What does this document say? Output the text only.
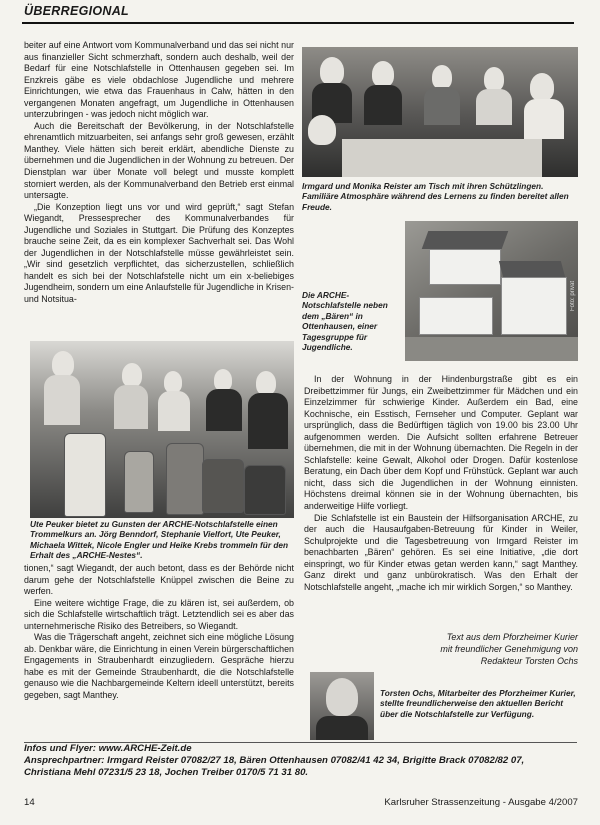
ÜBERREGIONAL

beiter auf eine Antwort vom Kommunalverband und das sei nicht nur aus finanzieller Sicht schmerzhaft, sondern auch deshalb, weil der Bedarf für eine Notschlafstelle in Ottenhausen gegeben sei. Im Enzkreis gäbe es viele obdachlose Jugendliche und mehrere Einrichtungen, wie etwa das Frauenhaus in Calw, hätten in den vergangenen Monaten angefragt, um Jugendliche in Ottenhausen unterzubringen - was jedoch nicht möglich war.

Auch die Bereitschaft der Bevölkerung, in der Notschlafstelle ehrenamtlich mitzuarbeiten, sei anfangs sehr groß gewesen, erzählt Manthey. Viele hätten sich bereit erklärt, abendliche Dienste zu übernehmen und die Jugendlichen in der Wohnung zu betreuen. Der Dienstplan war über Monate voll belegt und musste komplett storniert werden, als der Kommunalverband den Betrieb erst einmal untersagte.

„Die Konzeption liegt uns vor und wird geprüft,“ sagt Stefan Wiegandt, Pressesprecher des Kommunalverbandes für Jugendliche und Soziales in Stuttgart. Die Prüfung des Konzeptes brauche seine Zeit, da es ein komplexer Sachverhalt sei. Das Wohl der Jugendlichen in der Notschlafstelle müsse gewährleistet sein. „Wir sind gesetzlich verpflichtet, das sicherzustellen, schließlich handelt es sich bei der Notschlafstelle nicht um ein x-beliebiges Jugendheim, sondern um eine Anlaufstelle für Jugendliche in Krisen- und Notsitua-

Irmgard und Monika Reister am Tisch mit ihren Schützlingen. Familiäre Atmosphäre während des Lernens zu finden bereitet allen Freude.
Foto: privat
Die ARCHE-Notschlafstelle neben dem „Bären“ in Ottenhausen, einer Tagesgruppe für Jugendliche.
Ute Peuker bietet zu Gunsten der ARCHE-Notschlafstelle einen Trommelkurs an. Jörg Benndorf, Stephanie Vielfort, Ute Peuker, Michaela Wittek, Nicole Engler und Heike Krebs trommeln für den Erhalt des „ARCHE-Nestes“.

tionen,“ sagt Wiegandt, der auch betont, dass es der Behörde nicht darum gehe der Notschlafstelle Knüppel zwischen die Beine zu werfen.

Eine weitere wichtige Frage, die zu klären ist, sei außerdem, ob sich die Schlafstelle wirtschaftlich trägt. Letztendlich sei es aber das unternehmerische Risiko des Betreibers, so Wiegandt.

Was die Trägerschaft angeht, zeichnet sich eine mögliche Lösung ab. Denkbar wäre, die Einrichtung in einen Verein bürgerschaftlichen Engagements in Straubenhardt einzugliedern. Gespräche hierzu habe es mit der Gemeinde Straubenhardt, die die Notschlafstelle genauso wie die Nachbargemeinde Keltern ideell unterstützt, bereits gegeben, sagt Manthey.

In der Wohnung in der Hindenburgstraße gibt es ein Dreibettzimmer für Jungs, ein Zweibettzimmer für Mädchen und ein Einzelzimmer für schwierige Kinder. Außerdem ein Bad, eine Kochnische, ein Esstisch, Fernseher und Computer. Geplant war ursprünglich, dass die Bedürftigen täglich von 19.00 bis 23.00 Uhr aufgenommen werden. Die Aufsicht sollten erfahrene Betreuer übernehmen, die mit in der Wohnung übernachten. Die Regeln in der Schlafstelle: keine Gewalt, Alkohol oder Drogen. Dafür kostenlose Beratung, ein Dach über dem Kopf und Frühstück. Geplant war auch nicht, dass sich die Jugendlichen in der Wohnung einnisten. Höchstens dreimal können sie in der Wohnung übernachten, bis anderweitige Hilfe vorliegt.

Die Schlafstelle ist ein Baustein der Hilfsorganisation ARCHE, zu der auch die Hausaufgaben-Betreuung für Kinder in Weiler, Schulprojekte und die Tagesbetreuung von Irmgard Reister im benachbarten „Bären“ gehören. Es sei eine Initiative, „die dort einspringt, wo für Kinder etwas getan werden kann,“ sagt Manthey. Ganz direkt und ganz unbürokratisch. Was den Erhalt der Notschlafstelle angeht, „mache ich mir wirklich Sorgen,“ so Manthey.

Text aus dem Pforzheimer Kurier
mit freundlicher Genehmigung von
Redakteur Torsten Ochs
Torsten Ochs, Mitarbeiter des Pforzheimer Kurier, stellte freundlicherweise den aktuellen Bericht über die Notschlafstelle zur Verfügung.
Infos und Flyer: www.ARCHE-Zeit.de
Ansprechpartner: Irmgard Reister 07082/27 18, Bären Ottenhausen 07082/41 42 34, Brigitte Brack 07082/82 07,
Christiana Mehl 07231/5 23 18, Jochen Treiber 0170/5 71 31 80.
14	Karlsruher Strassenzeitung - Ausgabe 4/2007
